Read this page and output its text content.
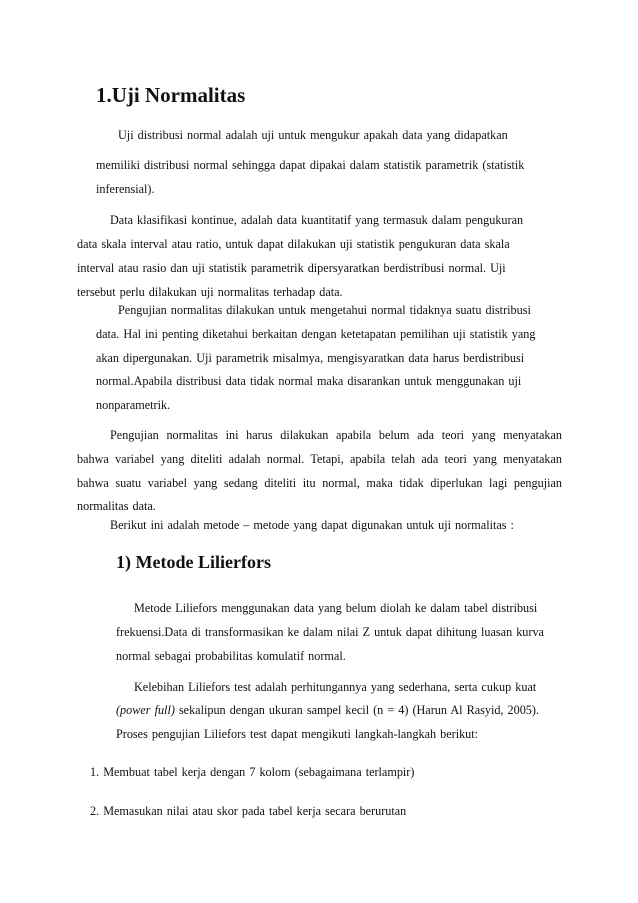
1.Uji Normalitas
Uji distribusi normal adalah uji untuk mengukur apakah data yang didapatkan
memiliki distribusi normal sehingga dapat dipakai dalam statistik parametrik (statistik
inferensial).
Data klasifikasi kontinue, adalah data kuantitatif yang termasuk dalam pengukuran
data skala interval atau ratio, untuk dapat dilakukan uji statistik pengukuran data skala
interval atau rasio dan uji statistik parametrik dipersyaratkan berdistribusi normal. Uji
tersebut perlu dilakukan uji normalitas terhadap data.
Pengujian normalitas dilakukan untuk mengetahui normal tidaknya suatu distribusi
data. Hal ini penting diketahui berkaitan dengan ketetapatan pemilihan uji statistik yang
akan dipergunakan. Uji parametrik misalmya, mengisyaratkan data harus berdistribusi
normal.Apabila distribusi data tidak normal maka disarankan untuk menggunakan uji
nonparametrik.
Pengujian normalitas ini harus dilakukan apabila belum ada teori yang menyatakan
bahwa variabel yang diteliti adalah normal. Tetapi, apabila telah ada teori yang menyatakan
bahwa suatu variabel yang sedang diteliti itu normal, maka tidak diperlukan lagi pengujian
normalitas data.
Berikut ini adalah metode – metode yang dapat digunakan untuk uji normalitas :
1) Metode Lilierfors
Metode Liliefors menggunakan data yang belum diolah ke dalam tabel distribusi
frekuensi.Data di transformasikan ke dalam nilai Z untuk dapat dihitung luasan kurva
normal sebagai probabilitas komulatif normal.
Kelebihan Liliefors test adalah perhitungannya yang sederhana, serta cukup kuat
(power full) sekalipun dengan ukuran sampel kecil (n = 4) (Harun Al Rasyid, 2005).
Proses pengujian Liliefors test dapat mengikuti langkah-langkah berikut:
1. Membuat tabel kerja dengan 7 kolom (sebagaimana terlampir)
2. Memasukan nilai atau skor pada tabel kerja secara berurutan
